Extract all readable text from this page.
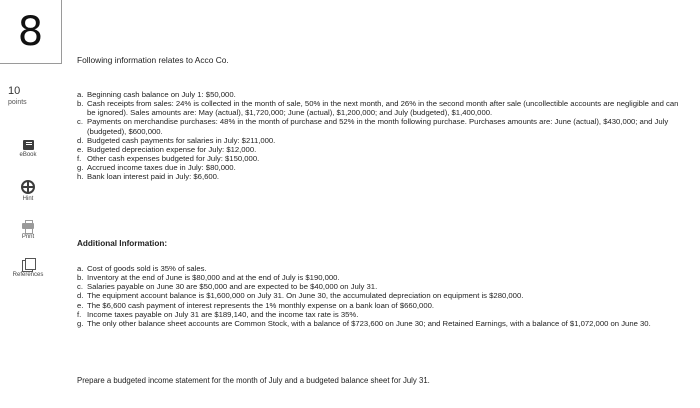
8
10
points
eBook
Hint
Print
References
Following information relates to Acco Co.
a. Beginning cash balance on July 1: $50,000.
b. Cash receipts from sales: 24% is collected in the month of sale, 50% in the next month, and 26% in the second month after sale (uncollectible accounts are negligible and can be ignored). Sales amounts are: May (actual), $1,720,000; June (actual), $1,200,000; and July (budgeted), $1,400,000.
c. Payments on merchandise purchases: 48% in the month of purchase and 52% in the month following purchase. Purchases amounts are: June (actual), $430,000; and July (budgeted), $600,000.
d. Budgeted cash payments for salaries in July: $211,000.
e. Budgeted depreciation expense for July: $12,000.
f. Other cash expenses budgeted for July: $150,000.
g. Accrued income taxes due in July: $80,000.
h. Bank loan interest paid in July: $6,600.
Additional Information:
a. Cost of goods sold is 35% of sales.
b. Inventory at the end of June is $80,000 and at the end of July is $190,000.
c. Salaries payable on June 30 are $50,000 and are expected to be $40,000 on July 31.
d. The equipment account balance is $1,600,000 on July 31. On June 30, the accumulated depreciation on equipment is $280,000.
e. The $6,600 cash payment of interest represents the 1% monthly expense on a bank loan of $660,000.
f. Income taxes payable on July 31 are $189,140, and the income tax rate is 35%.
g. The only other balance sheet accounts are Common Stock, with a balance of $723,600 on June 30; and Retained Earnings, with a balance of $1,072,000 on June 30.
Prepare a budgeted income statement for the month of July and a budgeted balance sheet for July 31.
